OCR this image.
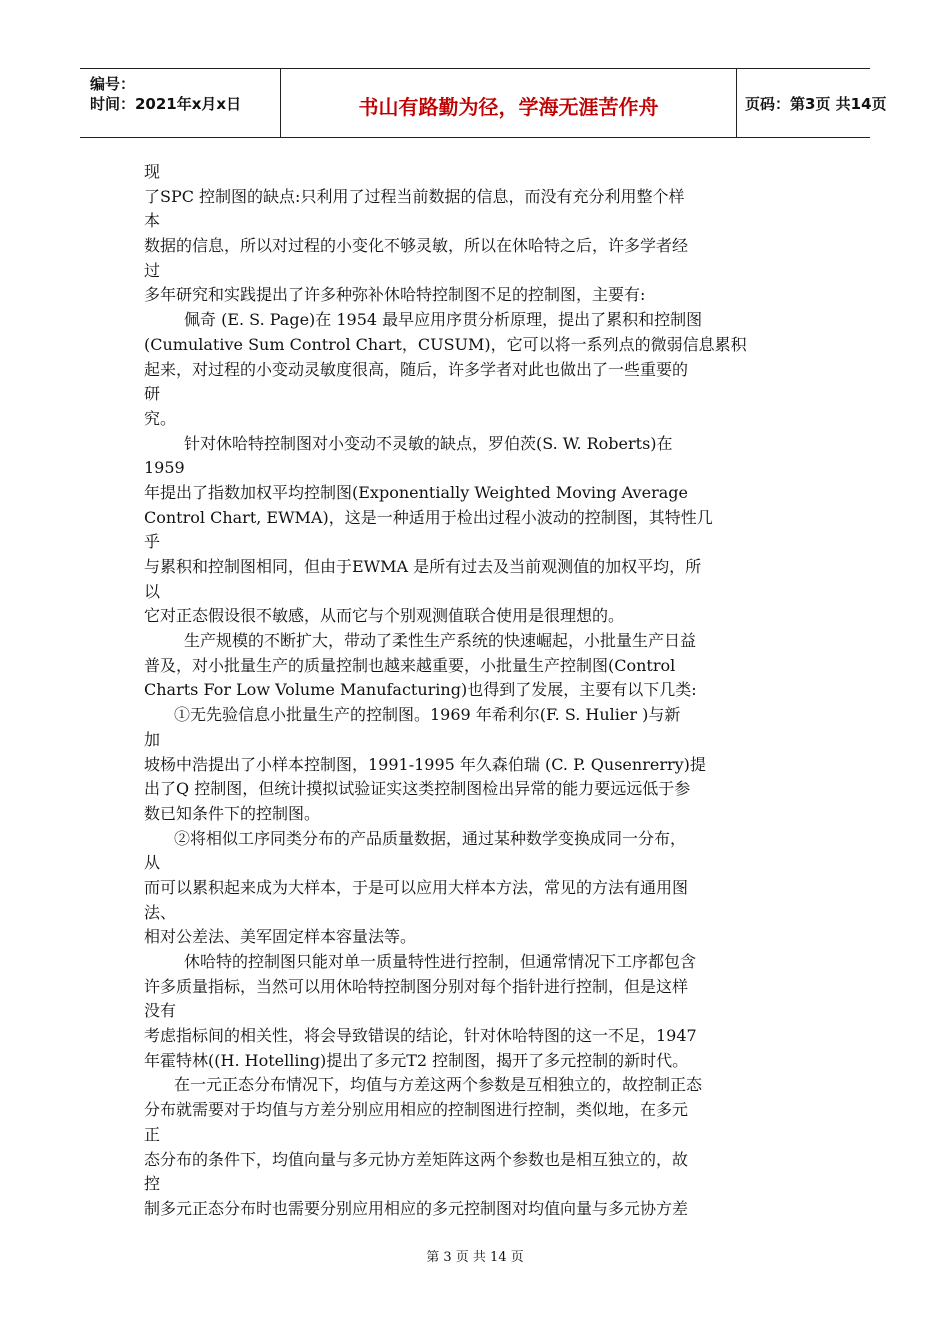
编号：
时间：2021年x月x日	书山有路勤为径，学海无涯苦作舟	页码：第3页 共14页
现
了SPC 控制图的缺点:只利用了过程当前数据的信息，而没有充分利用整个样
本
数据的信息，所以对过程的小变化不够灵敏，所以在休哈特之后，许多学者经
过
多年研究和实践提出了许多种弥补休哈特控制图不足的控制图，主要有:
佩奇 (E. S. Page)在 1954 最早应用序贯分析原理，提出了累积和控制图
(Cumulative Sum Control Chart，CUSUM)，它可以将一系列点的微弱信息累积
起来，对过程的小变动灵敏度很高，随后，许多学者对此也做出了一些重要的
研
究。
针对休哈特控制图对小变动不灵敏的缺点，罗伯茨(S. W. Roberts)在
1959
年提出了指数加权平均控制图(Exponentially Weighted Moving Average
Control Chart, EWMA)，这是一种适用于检出过程小波动的控制图，其特性几
乎
与累积和控制图相同，但由于EWMA 是所有过去及当前观测值的加权平均，所
以
它对正态假设很不敏感，从而它与个别观测值联合使用是很理想的。
生产规模的不断扩大，带动了柔性生产系统的快速崛起，小批量生产日益
普及，对小批量生产的质量控制也越来越重要，小批量生产控制图(Control
Charts For Low Volume Manufacturing)也得到了发展，主要有以下几类:
①无先验信息小批量生产的控制图。1969 年希利尔(F. S. Hulier )与新
加
坡杨中浩提出了小样本控制图，1991-1995 年久森伯瑞 (C. P. Qusenrerry)提
出了Q 控制图，但统计摸拟试验证实这类控制图检出异常的能力要远远低于参
数已知条件下的控制图。
②将相似工序同类分布的产品质量数据，通过某种数学变换成同一分布，
从
而可以累积起来成为大样本，于是可以应用大样本方法，常见的方法有通用图
法、
相对公差法、美军固定样本容量法等。
休哈特的控制图只能对单一质量特性进行控制，但通常情况下工序都包含
许多质量指标，当然可以用休哈特控制图分别对每个指针进行控制，但是这样
没有
考虑指标间的相关性，将会导致错误的结论，针对休哈特图的这一不足，1947
年霍特林((H. Hotelling)提出了多元T2 控制图，揭开了多元控制的新时代。
在一元正态分布情况下，均值与方差这两个参数是互相独立的，故控制正态
分布就需要对于均值与方差分别应用相应的控制图进行控制，类似地，在多元
正
态分布的条件下，均值向量与多元协方差矩阵这两个参数也是相互独立的，故
控
制多元正态分布时也需要分别应用相应的多元控制图对均值向量与多元协方差
第 3 页 共 14 页
